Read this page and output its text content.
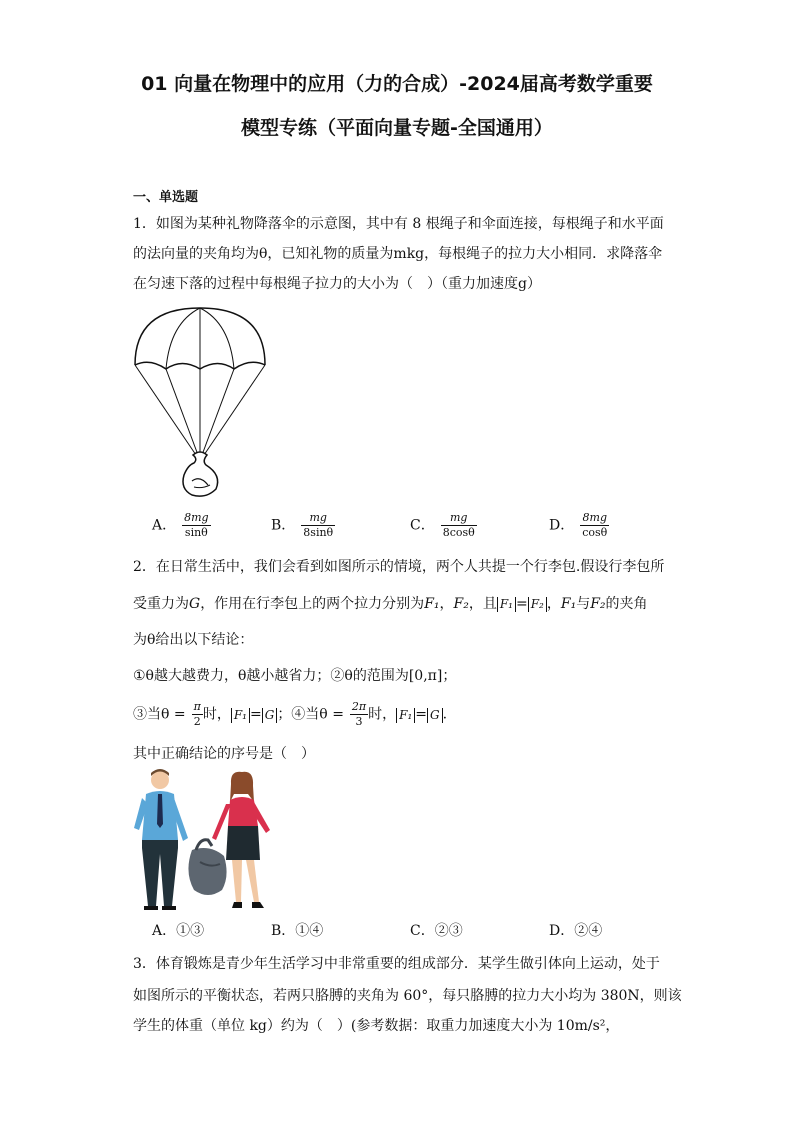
01 向量在物理中的应用（力的合成）-2024届高考数学重要
模型专练（平面向量专题-全国通用）
一、单选题
1．如图为某种礼物降落伞的示意图，其中有 8 根绳子和伞面连接，每根绳子和水平面
的法向量的夹角均为θ，已知礼物的质量为mkg，每根绳子的拉力大小相同．求降落伞
在匀速下落的过程中每根绳子拉力的大小为（　）（重力加速度g）
A． $\frac{8mg}{\sin\theta}$	B． $\frac{mg}{8\sin\theta}$	C． $\frac{mg}{8\cos\theta}$	D． $\frac{8mg}{\cos\theta}$
2．在日常生活中，我们会看到如图所示的情境，两个人共提一个行李包.假设行李包所
受重力为G，作用在行李包上的两个拉力分别为F₁，F₂，且 F₁ = F₂ ，F₁与F₂的夹角
为θ给出以下结论：
①θ越大越费力，θ越小越省力；②θ的范围为[0,π]；
③当$\theta = \frac{\pi}{2}$ 时， F₁ = G ；④当$\theta = \frac{2\pi}{3}$ 时， F₁ = G .
其中正确结论的序号是（　）
A．①③	B．①④	C．②③	D．②④
3．体育锻炼是青少年生活学习中非常重要的组成部分．某学生做引体向上运动，处于
如图所示的平衡状态，若两只胳膊的夹角为 60°，每只胳膊的拉力大小均为 380N，则该
学生的体重（单位 kg）约为（　）(参考数据：取重力加速度大小为 10m/s²，
